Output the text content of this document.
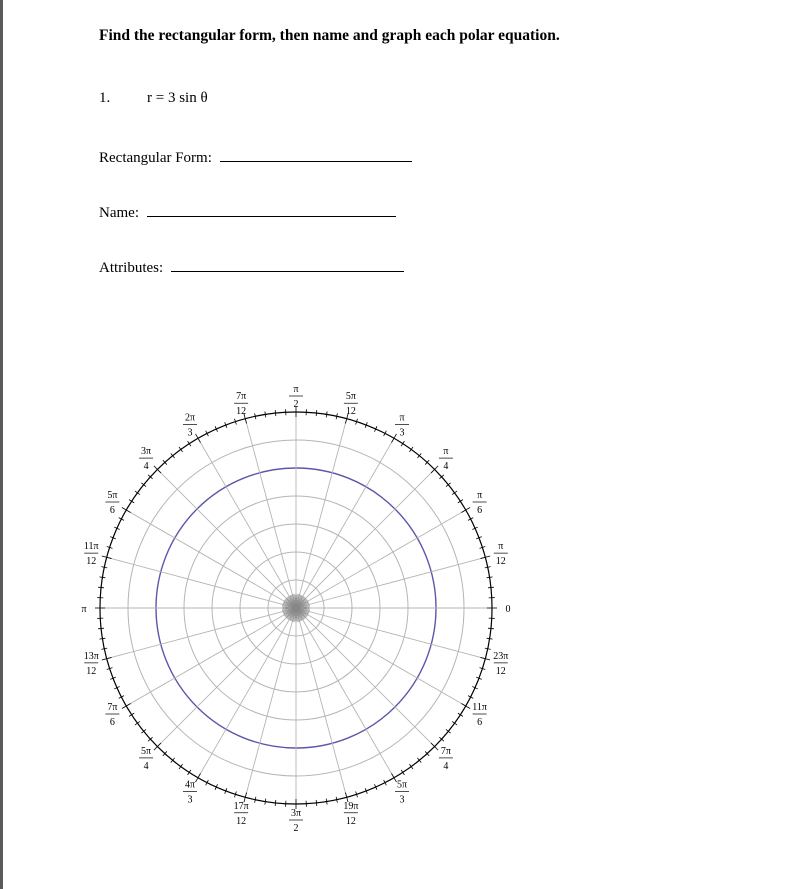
Find the rectangular form, then name and graph each polar equation.
1. r = 3 sin θ
Rectangular Form:
Name:
Attributes:
0
π
12
π
6
π
4
π
3
5π
12
π
2
7π
12
2π
3
3π
4
5π
6
11π
12
π
13π
12
7π
6
5π
4
4π
3
17π
12
3π
2
19π
12
5π
3
7π
4
11π
6
23π
12
